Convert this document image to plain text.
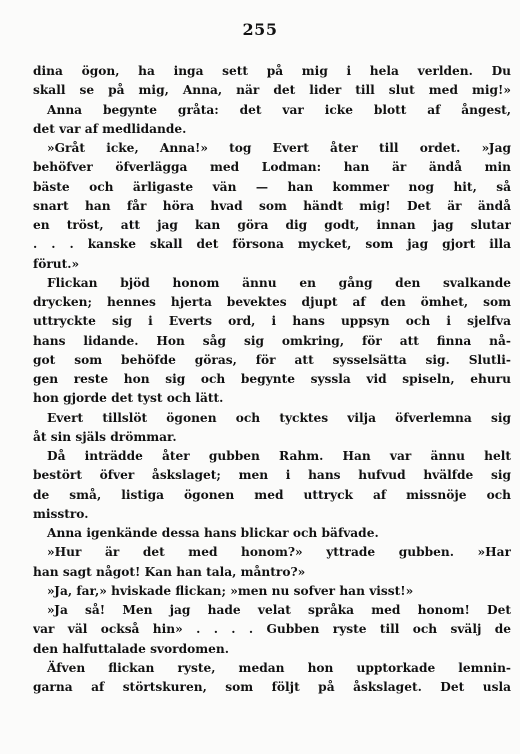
255
dina ögon, ha inga sett på mig i hela verlden. Du
skall se på mig, Anna, när det lider till slut med mig!»
Anna begynte gråta: det var icke blott af ångest,
det var af medlidande.
»Gråt icke, Anna!» tog Evert åter till ordet. »Jag
behöfver öfverlägga med Lodman: han är ändå min
bäste och ärligaste vän — han kommer nog hit, så
snart han får höra hvad som händt mig! Det är ändå
en tröst, att jag kan göra dig godt, innan jag slutar
. . . kanske skall det försona mycket, som jag gjort illa
förut.»
Flickan bjöd honom ännu en gång den svalkande
drycken; hennes hjerta bevektes djupt af den ömhet, som
uttryckte sig i Everts ord, i hans uppsyn och i sjelfva
hans lidande. Hon såg sig omkring, för att finna nå-
got som behöfde göras, för att sysselsätta sig. Slutli-
gen reste hon sig och begynte syssla vid spiseln, ehuru
hon gjorde det tyst och lätt.
Evert tillslöt ögonen och tycktes vilja öfverlemna sig
åt sin själs drömmar.
Då inträdde åter gubben Rahm. Han var ännu helt
bestört öfver åskslaget; men i hans hufvud hvälfde sig
de små, listiga ögonen med uttryck af missnöje och
misstro.
Anna igenkände dessa hans blickar och bäfvade.
»Hur är det med honom?» yttrade gubben. »Har
han sagt något! Kan han tala, måntro?»
»Ja, far,» hviskade flickan; »men nu sofver han visst!»
»Ja så! Men jag hade velat språka med honom! Det
var väl också hin» . . . . Gubben ryste till och svälj de
den halfuttalade svordomen.
Äfven flickan ryste, medan hon upptorkade lemnin-
garna af störtskuren, som följt på åskslaget. Det usla
